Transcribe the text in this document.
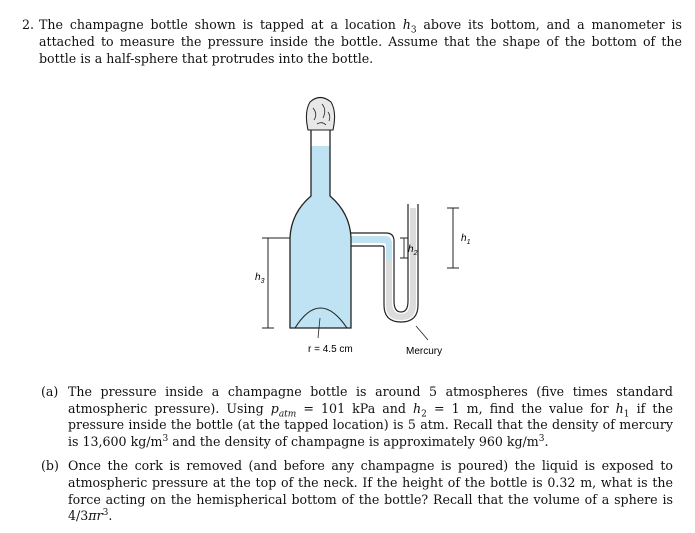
2. The champagne bottle shown is tapped at a location $h_3$ above its bottom, and a manometer is attached to measure the pressure inside the bottle. Assume that the shape of the bottom of the bottle is a half-sphere that protrudes into the bottle.
$h_1$
$h_2$
$h_3$
r = 4.5 cm	Mercury
(a) The pressure inside a champagne bottle is around 5 atmospheres (five times standard atmospheric pressure). Using $p_{atm} = 101$ kPa and $h_2 = 1$ m, find the value for $h_1$ if the pressure inside the bottle (at the tapped location) is 5 atm. Recall that the density of mercury is 13,600 $kg/m^3$ and the density of champagne is approximately 960 $kg/m^3$.
(b) Once the cork is removed (and before any champagne is poured) the liquid is exposed to atmospheric pressure at the top of the neck. If the height of the bottle is 0.32 m, what is the force acting on the hemispherical bottom of the bottle? Recall that the volume of a sphere is $4/3\pi r^3$.
